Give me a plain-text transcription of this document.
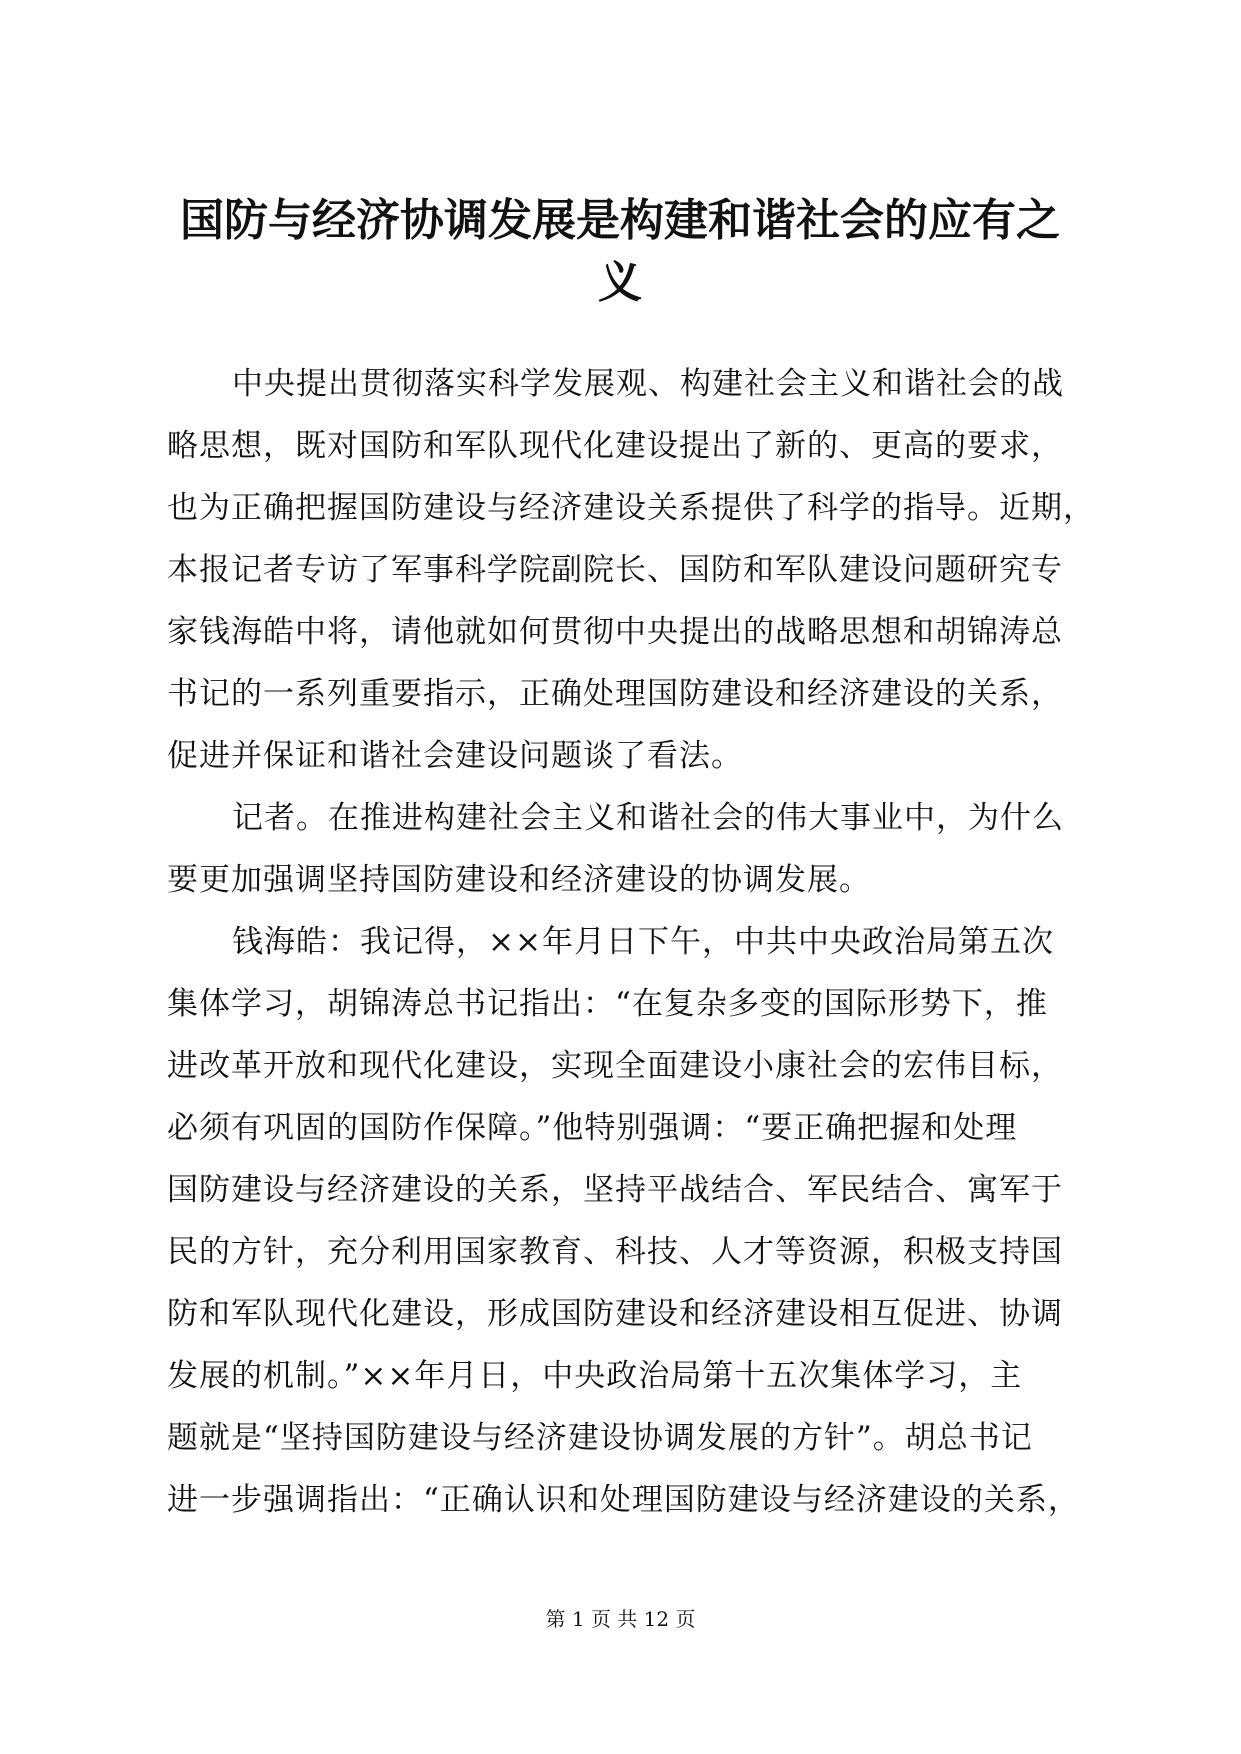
国防与经济协调发展是构建和谐社会的应有之
义
中央提出贯彻落实科学发展观、构建社会主义和谐社会的战
略思想，既对国防和军队现代化建设提出了新的、更高的要求，
也为正确把握国防建设与经济建设关系提供了科学的指导。近期，
本报记者专访了军事科学院副院长、国防和军队建设问题研究专
家钱海皓中将，请他就如何贯彻中央提出的战略思想和胡锦涛总
书记的一系列重要指示，正确处理国防建设和经济建设的关系，
促进并保证和谐社会建设问题谈了看法。
记者。在推进构建社会主义和谐社会的伟大事业中，为什么
要更加强调坚持国防建设和经济建设的协调发展。
钱海皓：我记得，××年月日下午，中共中央政治局第五次
集体学习，胡锦涛总书记指出：“在复杂多变的国际形势下，推
进改革开放和现代化建设，实现全面建设小康社会的宏伟目标，
必须有巩固的国防作保障。”他特别强调：“要正确把握和处理
国防建设与经济建设的关系，坚持平战结合、军民结合、寓军于
民的方针，充分利用国家教育、科技、人才等资源，积极支持国
防和军队现代化建设，形成国防建设和经济建设相互促进、协调
发展的机制。”××年月日，中央政治局第十五次集体学习，主
题就是“坚持国防建设与经济建设协调发展的方针”。胡总书记
进一步强调指出：“正确认识和处理国防建设与经济建设的关系，
第 1 页 共 12 页
